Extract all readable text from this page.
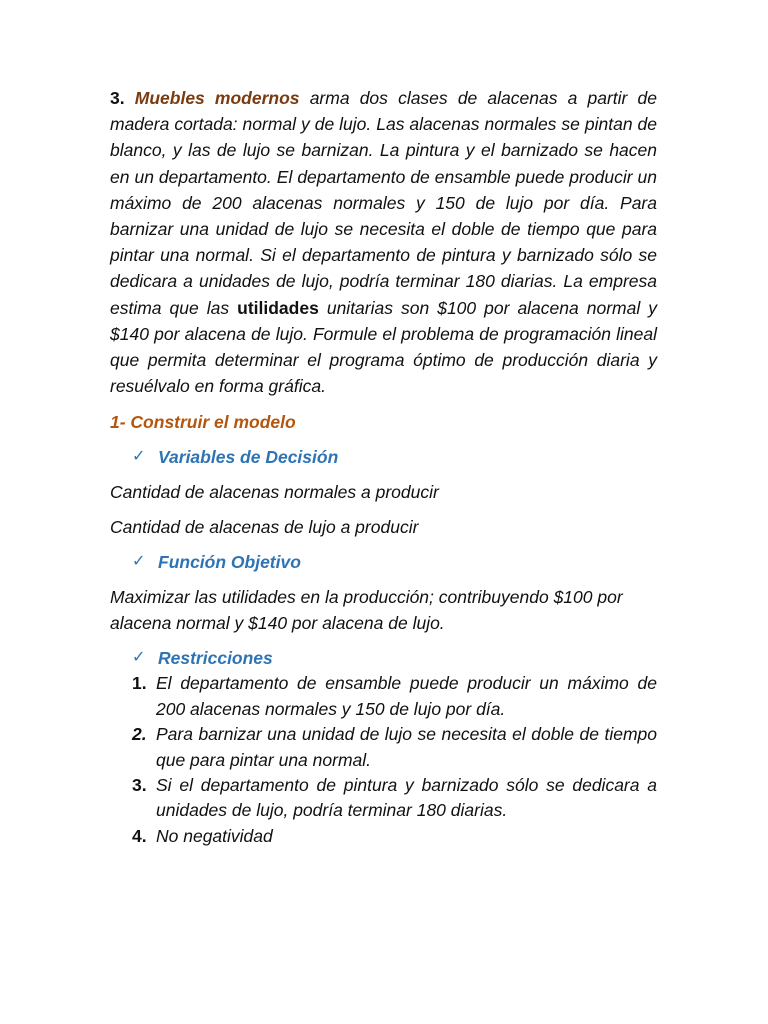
3. Muebles modernos arma dos clases de alacenas a partir de madera cortada: normal y de lujo. Las alacenas normales se pintan de blanco, y las de lujo se barnizan. La pintura y el barnizado se hacen en un departamento. El departamento de ensamble puede producir un máximo de 200 alacenas normales y 150 de lujo por día. Para barnizar una unidad de lujo se necesita el doble de tiempo que para pintar una normal. Si el departamento de pintura y barnizado sólo se dedicara a unidades de lujo, podría terminar 180 diarias. La empresa estima que las utilidades unitarias son $100 por alacena normal y $140 por alacena de lujo. Formule el problema de programación lineal que permita determinar el programa óptimo de producción diaria y resuélvalo en forma gráfica.

1- Construir el modelo
✓ Variables de Decisión
Cantidad de alacenas normales a producir
Cantidad de alacenas de lujo a producir
✓ Función Objetivo
Maximizar las utilidades en la producción; contribuyendo $100 por alacena normal y $140 por alacena de lujo.
✓ Restricciones
1. El departamento de ensamble puede producir un máximo de 200 alacenas normales y 150 de lujo por día.
2. Para barnizar una unidad de lujo se necesita el doble de tiempo que para pintar una normal.
3. Si el departamento de pintura y barnizado sólo se dedicara a unidades de lujo, podría terminar 180 diarias.
4. No negatividad
